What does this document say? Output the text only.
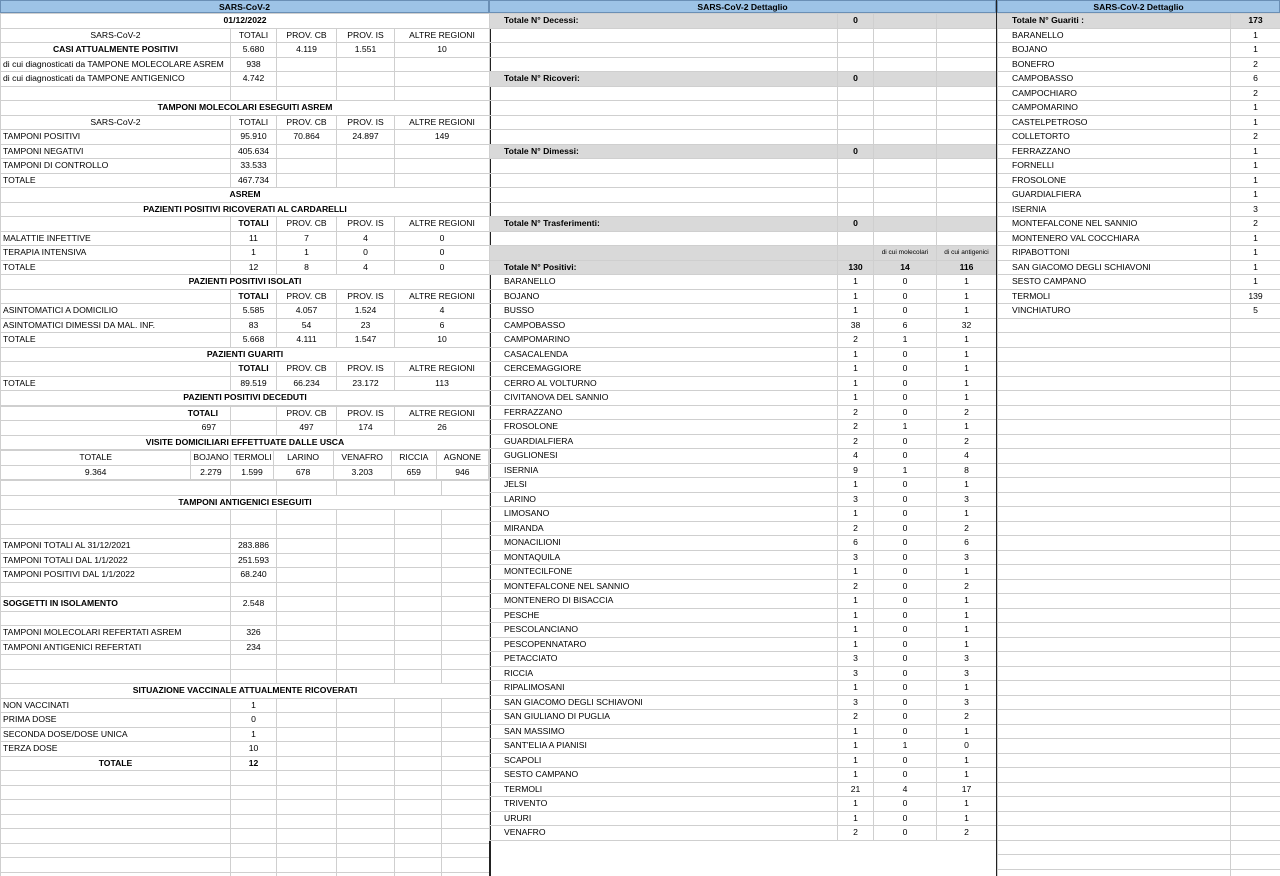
SARS-CoV-2
01/12/2022				
SARS-CoV-2	TOTALI	PROV. CB	PROV. IS	ALTRE REGIONI
CASI ATTUALMENTE POSITIVI	5.680	4.119	1.551	10
di cui diagnosticati da TAMPONE MOLECOLARE ASREM	938			
di cui diagnosticati da TAMPONE ANTIGENICO	4.742			

TAMPONI MOLECOLARI ESEGUITI ASREM				
SARS-CoV-2	TOTALI	PROV. CB	PROV. IS	ALTRE REGIONI
TAMPONI POSITIVI	95.910	70.864	24.897	149
TAMPONI NEGATIVI	405.634			
TAMPONI DI CONTROLLO	33.533			
TOTALE	467.734			
ASREM				
PAZIENTI POSITIVI RICOVERATI AL CARDARELLI				
	TOTALI	PROV. CB	PROV. IS	ALTRE REGIONI
MALATTIE INFETTIVE	11	7	4	0
TERAPIA INTENSIVA	1	1	0	0
TOTALE	12	8	4	0
PAZIENTI POSITIVI ISOLATI				
	TOTALI	PROV. CB	PROV. IS	ALTRE REGIONI
ASINTOMATICI A DOMICILIO	5.585	4.057	1.524	4
ASINTOMATICI DIMESSI DA MAL. INF.	83	54	23	6
TOTALE	5.668	4.111	1.547	10
PAZIENTI GUARITI				
	TOTALI	PROV. CB	PROV. IS	ALTRE REGIONI
TOTALE	89.519	66.234	23.172	113
PAZIENTI POSITIVI DECEDUTI				
TOTALI		PROV. CB	PROV. IS	ALTRE REGIONI
697		497	174	26
VISITE DOMICILIARI EFFETTUATE DALLE USCA				
TOTALE	BOJANO	TERMOLI	LARINO	VENAFRO	RICCIA	AGNONE
9.364	2.279	1.599	678	3.203	659	946

TAMPONI ANTIGENICI ESEGUITI					

TAMPONI TOTALI AL 31/12/2021	283.886				
TAMPONI TOTALI DAL 1/1/2022	251.593				
TAMPONI POSITIVI DAL 1/1/2022	68.240				

SOGGETTI IN ISOLAMENTO	2.548				

TAMPONI MOLECOLARI REFERTATI ASREM	326				
TAMPONI ANTIGENICI REFERTATI	234				

SITUAZIONE VACCINALE ATTUALMENTE RICOVERATI					
NON VACCINATI	1				
PRIMA DOSE	0				
SECONDA DOSE/DOSE UNICA	1				
TERZA DOSE	10				
TOTALE	12				

SARS-CoV-2 Dettaglio
Totale N° Decessi:	0		

Totale N° Ricoveri:	0		

Totale N° Dimessi:	0		

Totale N° Trasferimenti:	0		

		di cui molecolari	di cui antigenici
Totale N° Positivi:	130	14	116
BARANELLO	1	0	1
BOJANO	1	0	1
BUSSO	1	0	1
CAMPOBASSO	38	6	32
CAMPOMARINO	2	1	1
CASACALENDA	1	0	1
CERCEMAGGIORE	1	0	1
CERRO AL VOLTURNO	1	0	1
CIVITANOVA DEL SANNIO	1	0	1
FERRAZZANO	2	0	2
FROSOLONE	2	1	1
GUARDIALFIERA	2	0	2
GUGLIONESI	4	0	4
ISERNIA	9	1	8
JELSI	1	0	1
LARINO	3	0	3
LIMOSANO	1	0	1
MIRANDA	2	0	2
MONACILIONI	6	0	6
MONTAQUILA	3	0	3
MONTECILFONE	1	0	1
MONTEFALCONE NEL SANNIO	2	0	2
MONTENERO DI BISACCIA	1	0	1
PESCHE	1	0	1
PESCOLANCIANO	1	0	1
PESCOPENNATARO	1	0	1
PETACCIATO	3	0	3
RICCIA	3	0	3
RIPALIMOSANI	1	0	1
SAN GIACOMO DEGLI SCHIAVONI	3	0	3
SAN GIULIANO DI PUGLIA	2	0	2
SAN MASSIMO	1	0	1
SANT'ELIA A PIANISI	1	1	0
SCAPOLI	1	0	1
SESTO CAMPANO	1	0	1
TERMOLI	21	4	17
TRIVENTO	1	0	1
URURI	1	0	1
VENAFRO	2	0	2
SARS-CoV-2 Dettaglio
Totale N° Guariti :	173
BARANELLO	1
BOJANO	1
BONEFRO	2
CAMPOBASSO	6
CAMPOCHIARO	2
CAMPOMARINO	1
CASTELPETROSO	1
COLLETORTO	2
FERRAZZANO	1
FORNELLI	1
FROSOLONE	1
GUARDIALFIERA	1
ISERNIA	3
MONTEFALCONE NEL SANNIO	2
MONTENERO VAL COCCHIARA	1
RIPABOTTONI	1
SAN GIACOMO DEGLI SCHIAVONI	1
SESTO CAMPANO	1
TERMOLI	139
VINCHIATURO	5
